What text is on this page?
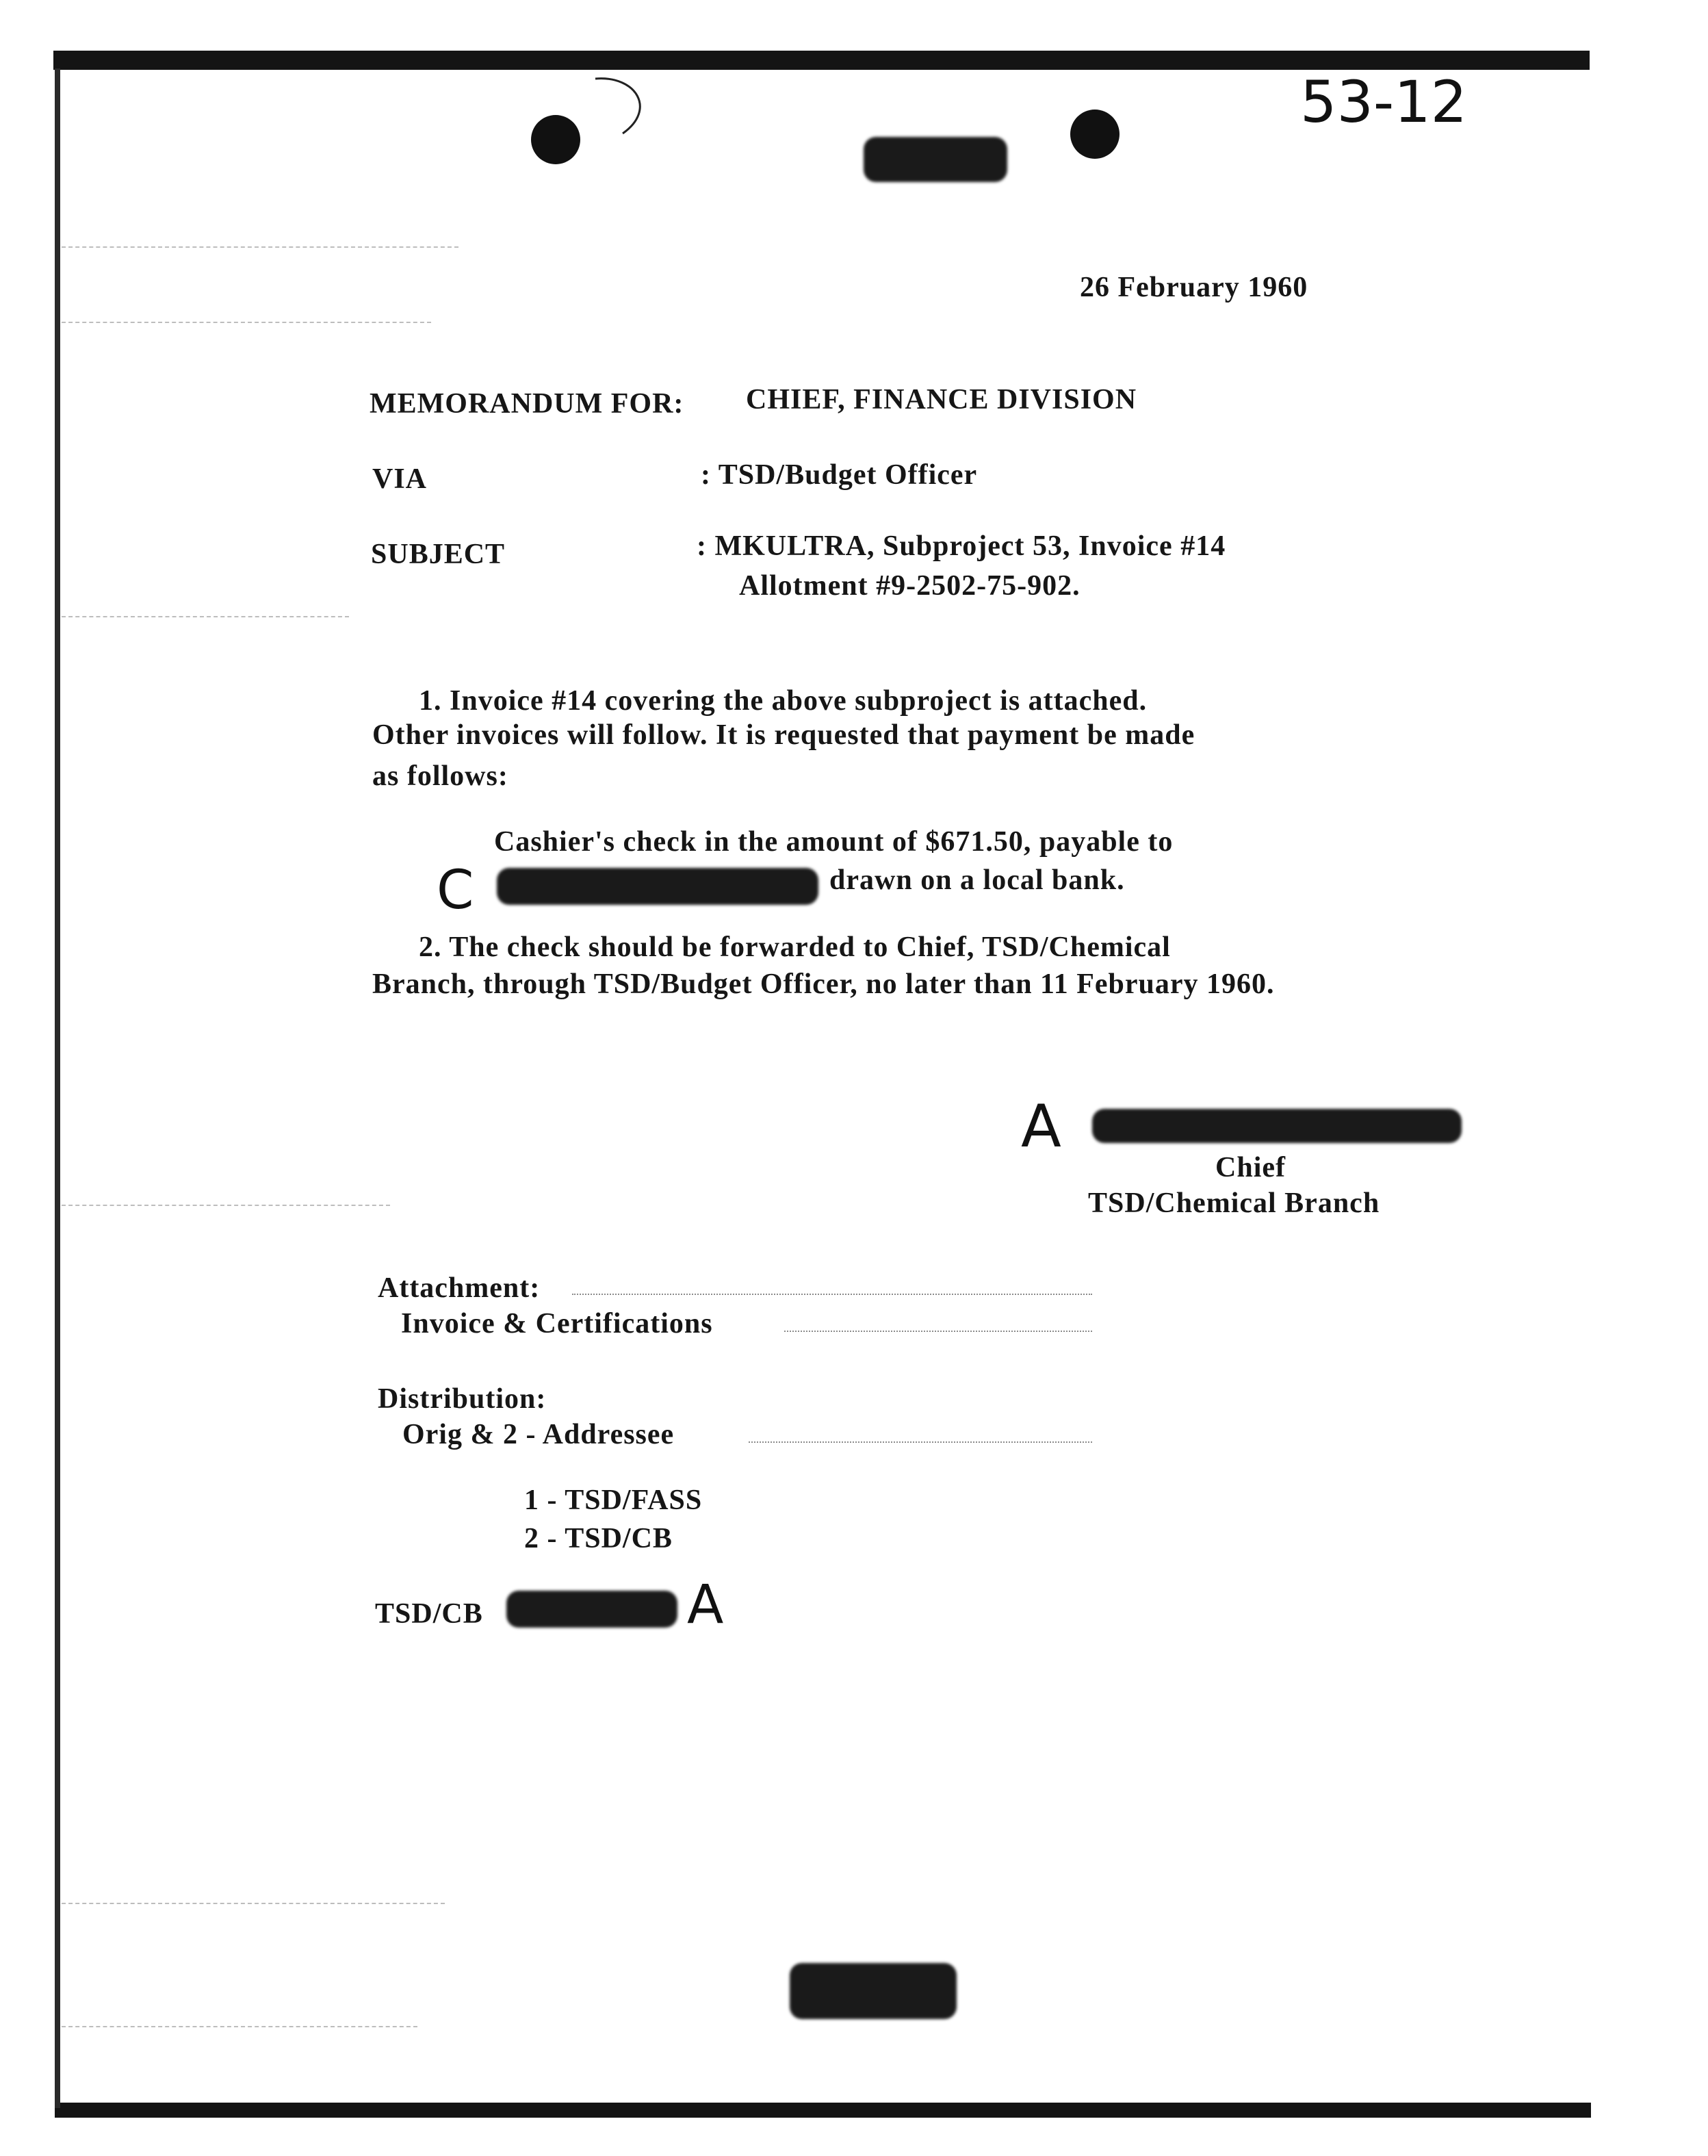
53-12
26 February 1960
MEMORANDUM FOR: CHIEF, FINANCE DIVISION
VIA	: TSD/Budget Officer
SUBJECT	: MKULTRA, Subproject 53, Invoice #14
Allotment #9-2502-75-902.
1. Invoice #14 covering the above subproject is attached.
Other invoices will follow. It is requested that payment be made
as follows:
Cashier's check in the amount of $671.50, payable to
C	drawn on a local bank.
2. The check should be forwarded to Chief, TSD/Chemical
Branch, through TSD/Budget Officer, no later than 11 February 1960.
A
Chief
TSD/Chemical Branch
Attachment:
Invoice & Certifications
Distribution:
Orig & 2 - Addressee
1 - TSD/FASS
2 - TSD/CB
TSD/CB	A
